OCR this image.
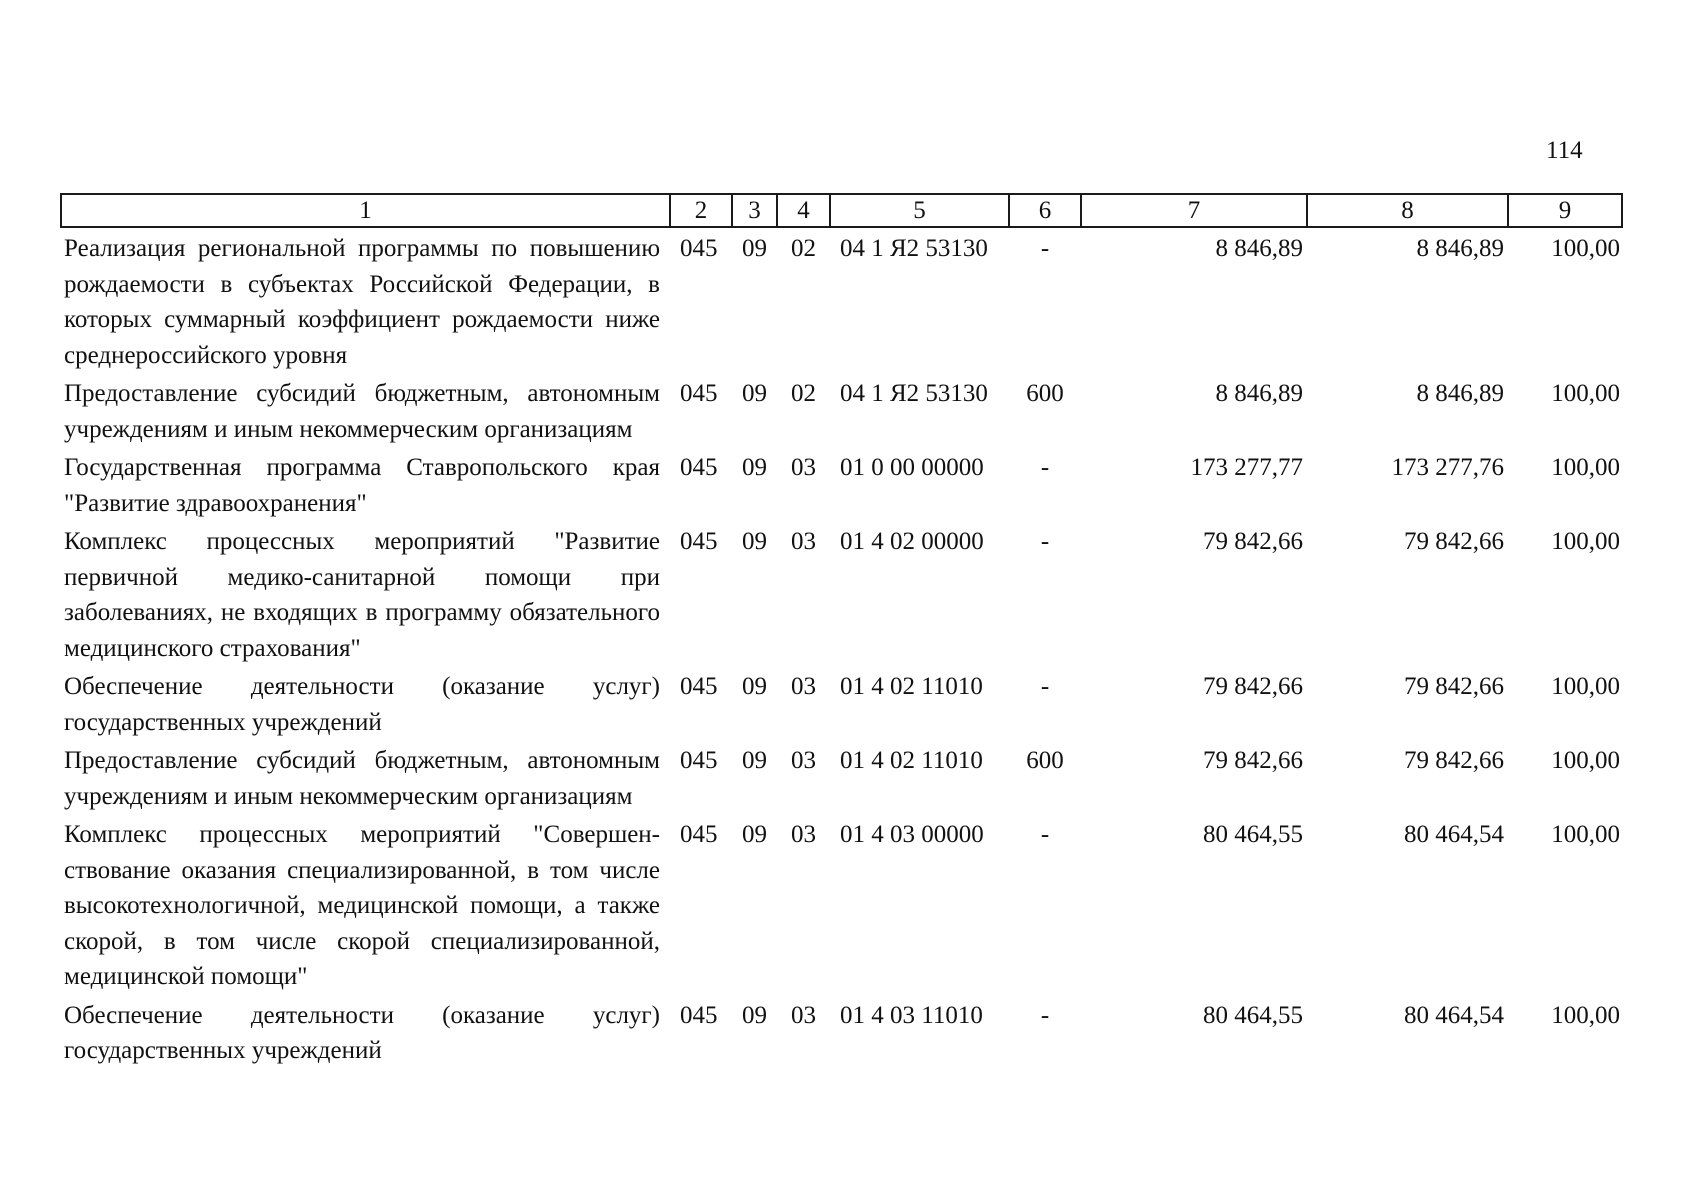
114
1	2	3	4	5	6	7	8	9
Реализация региональной программы по повышению рождаемости в субъектах Российской Федерации, в которых суммарный коэффициент рождаемости ниже среднероссийского уровня	045	09	02	04 1 Я2 53130	-	8 846,89	8 846,89	100,00
Предоставление субсидий бюджетным, автономным учреждениям и иным некоммерческим организациям	045	09	02	04 1 Я2 53130	600	8 846,89	8 846,89	100,00
Государственная программа Ставропольского края "Развитие здравоохранения"	045	09	03	01 0 00 00000	-	173 277,77	173 277,76	100,00
Комплекс процессных мероприятий "Развитие первичной медико-санитарной помощи при заболеваниях, не входящих в программу обязательного медицинского страхования"	045	09	03	01 4 02 00000	-	79 842,66	79 842,66	100,00
Обеспечение деятельности (оказание услуг) государственных учреждений	045	09	03	01 4 02 11010	-	79 842,66	79 842,66	100,00
Предоставление субсидий бюджетным, автономным учреждениям и иным некоммерческим организациям	045	09	03	01 4 02 11010	600	79 842,66	79 842,66	100,00
Комплекс процессных мероприятий "Совершен-ствование оказания специализированной, в том числе высокотехнологичной, медицинской помощи, а также скорой, в том числе скорой специализированной, медицинской помощи"	045	09	03	01 4 03 00000	-	80 464,55	80 464,54	100,00
Обеспечение деятельности (оказание услуг) государственных учреждений	045	09	03	01 4 03 11010	-	80 464,55	80 464,54	100,00
